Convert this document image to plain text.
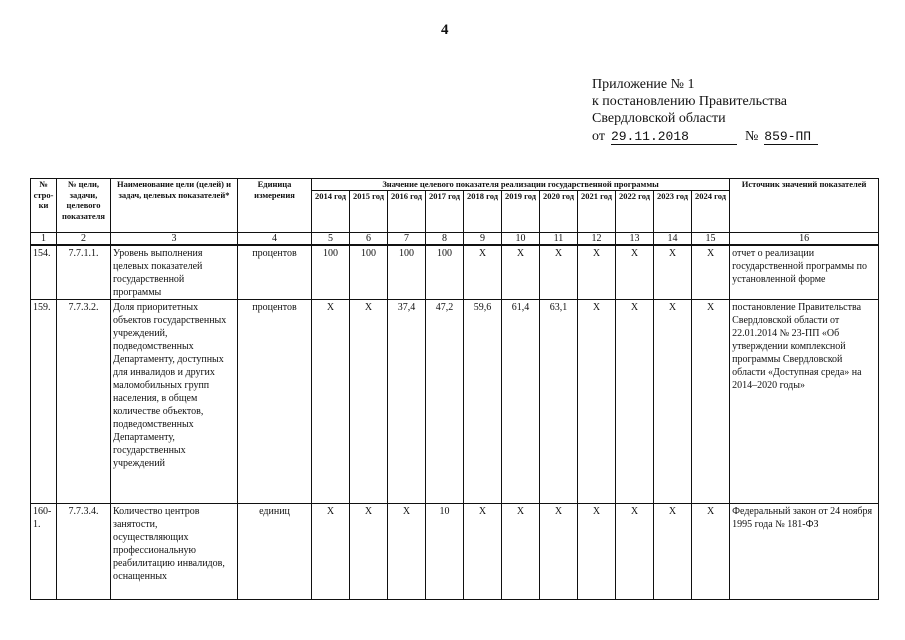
4
Приложение № 1
к постановлению Правительства
Свердловской области
от 29.11.2018	№ 859-ПП
№ стро-ки	№ цели, задачи, целевого показателя	Наименование цели (целей) и задач, целевых показателей*	Единица измерения	Значение целевого показателя реализации государственной программы											Источник значений показателей
				2014 год	2015 год	2016 год	2017 год	2018 год	2019 год	2020 год	2021 год	2022 год	2023 год	2024 год	
1	2	3	4	5	6	7	8	9	10	11	12	13	14	15	16
154.	7.7.1.1.	Уровень выполнения целевых показателей государственной программы	процентов	100	100	100	100	X	X	X	X	X	X	X	отчет о реализации государственной программы по установленной форме
159.	7.7.3.2.	Доля приоритетных объектов государственных учреждений, подведомственных Департаменту, доступных для инвалидов и других маломобильных групп населения, в общем количестве объектов, подведомственных Департаменту, государственных учреждений	процентов	X	X	37,4	47,2	59,6	61,4	63,1	X	X	X	X	постановление Правительства Свердловской области от 22.01.2014 № 23-ПП «Об утверждении комплексной программы Свердловской области «Доступная среда» на 2014–2020 годы»
160-1.	7.7.3.4.	Количество центров занятости, осуществляющих профессиональную реабилитацию инвалидов, оснащенных	единиц	X	X	X	10	X	X	X	X	X	X	X	Федеральный закон от 24 ноября 1995 года № 181-ФЗ
